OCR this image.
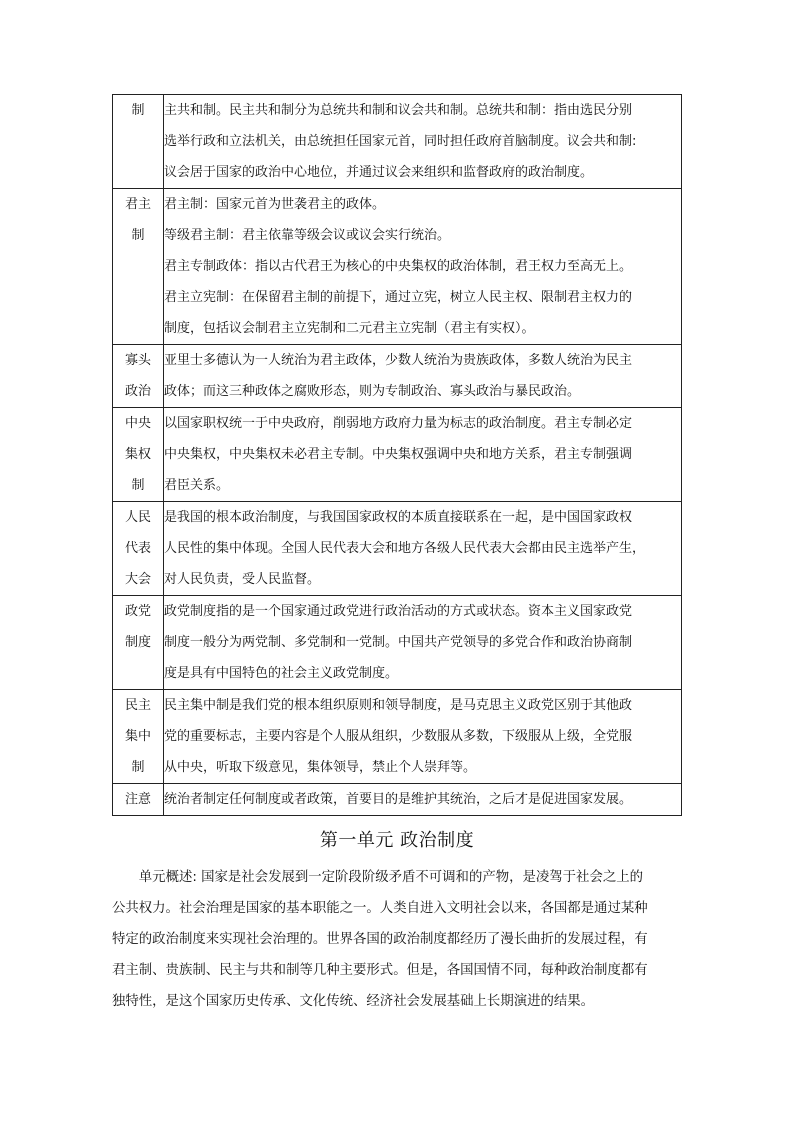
制	主共和制。民主共和制分为总统共和制和议会共和制。总统共和制：指由选民分别
选举行政和立法机关，由总统担任国家元首，同时担任政府首脑制度。议会共和制:
议会居于国家的政治中心地位，并通过议会来组织和监督政府的政治制度。

君主
制	君主制：国家元首为世袭君主的政体。
等级君主制：君主依靠等级会议或议会实行统治。
君主专制政体：指以古代君王为核心的中央集权的政治体制，君王权力至高无上。
君主立宪制：在保留君主制的前提下，通过立宪，树立人民主权、限制君主权力的
制度，包括议会制君主立宪制和二元君主立宪制（君主有实权）。

寡头
政治	亚里士多德认为一人统治为君主政体，少数人统治为贵族政体，多数人统治为民主
政体；而这三种政体之腐败形态，则为专制政治、寡头政治与暴民政治。

中央
集权
制	以国家职权统一于中央政府，削弱地方政府力量为标志的政治制度。君主专制必定
中央集权，中央集权未必君主专制。中央集权强调中央和地方关系，君主专制强调
君臣关系。

人民
代表
大会	是我国的根本政治制度，与我国国家政权的本质直接联系在一起，是中国国家政权
人民性的集中体现。全国人民代表大会和地方各级人民代表大会都由民主选举产生，
对人民负责，受人民监督。

政党
制度	政党制度指的是一个国家通过政党进行政治活动的方式或状态。资本主义国家政党
制度一般分为两党制、多党制和一党制。中国共产党领导的多党合作和政治协商制
度是具有中国特色的社会主义政党制度。

民主
集中
制	民主集中制是我们党的根本组织原则和领导制度，是马克思主义政党区别于其他政
党的重要标志，主要内容是个人服从组织，少数服从多数，下级服从上级，全党服
从中央，听取下级意见，集体领导，禁止个人崇拜等。

注意	统治者制定任何制度或者政策，首要目的是维护其统治，之后才是促进国家发展。
第一单元 政治制度
单元概述: 国家是社会发展到一定阶段阶级矛盾不可调和的产物，是凌驾于社会之上的
公共权力。社会治理是国家的基本职能之一。人类自进入文明社会以来，各国都是通过某种
特定的政治制度来实现社会治理的。世界各国的政治制度都经历了漫长曲折的发展过程，有
君主制、贵族制、民主与共和制等几种主要形式。但是，各国国情不同，每种政治制度都有
独特性，是这个国家历史传承、文化传统、经济社会发展基础上长期演进的结果。
